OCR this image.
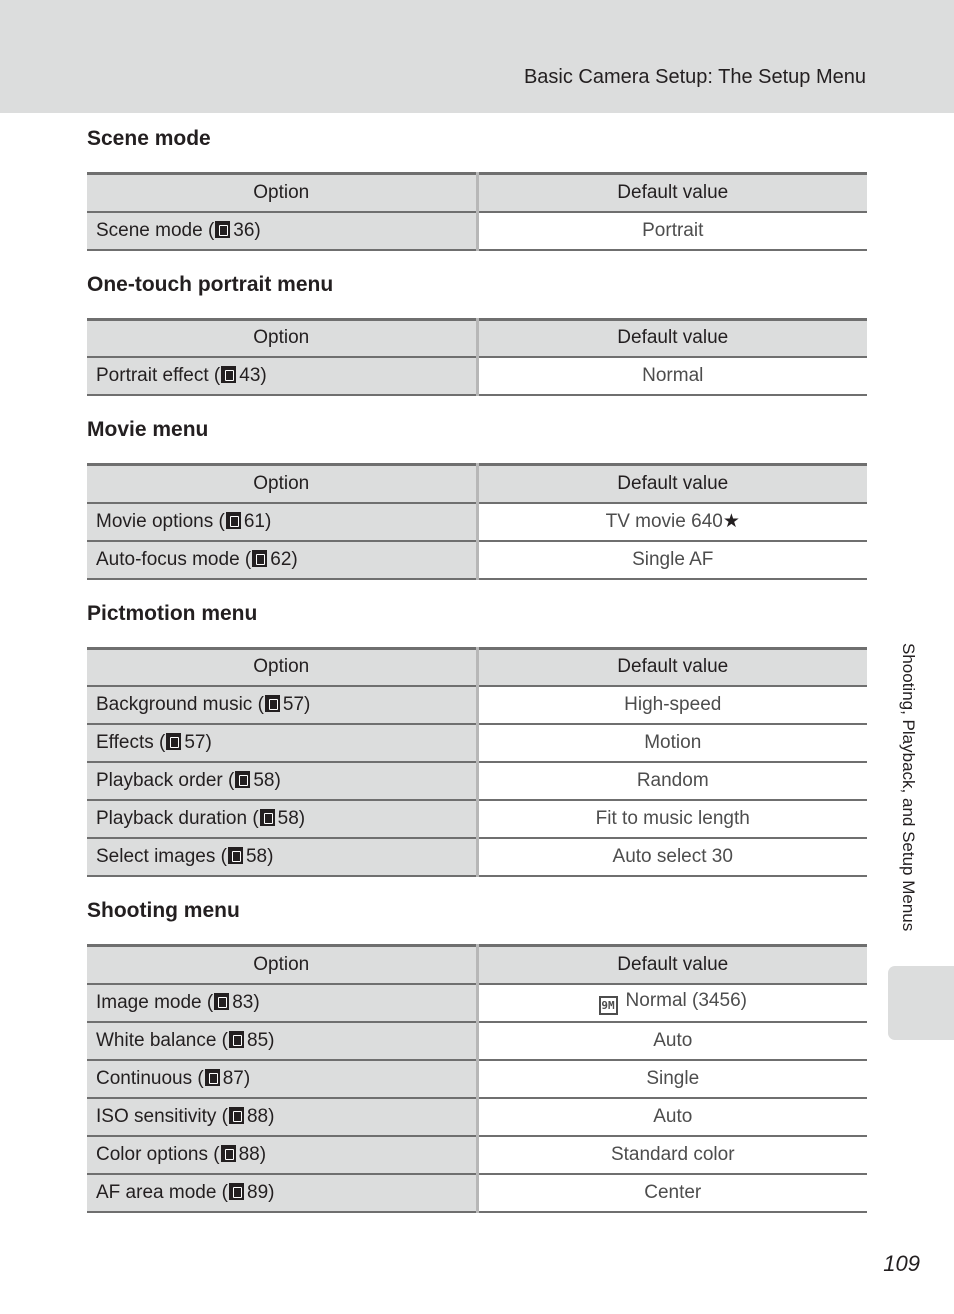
Basic Camera Setup: The Setup Menu
Scene mode
Option	Default value
Scene mode ( 36)	Portrait
One-touch portrait menu
Option	Default value
Portrait effect ( 43)	Normal
Movie menu
Option	Default value
Movie options ( 61)	TV movie 640★
Auto-focus mode ( 62)	Single AF
Pictmotion menu
Option	Default value
Background music ( 57)	High-speed
Effects ( 57)	Motion
Playback order ( 58)	Random
Playback duration ( 58)	Fit to music length
Select images ( 58)	Auto select 30
Shooting menu
Option	Default value
Image mode ( 83)	9M Normal (3456)
White balance ( 85)	Auto
Continuous ( 87)	Single
ISO sensitivity ( 88)	Auto
Color options ( 88)	Standard color
AF area mode ( 89)	Center
Shooting, Playback, and Setup Menus
109
